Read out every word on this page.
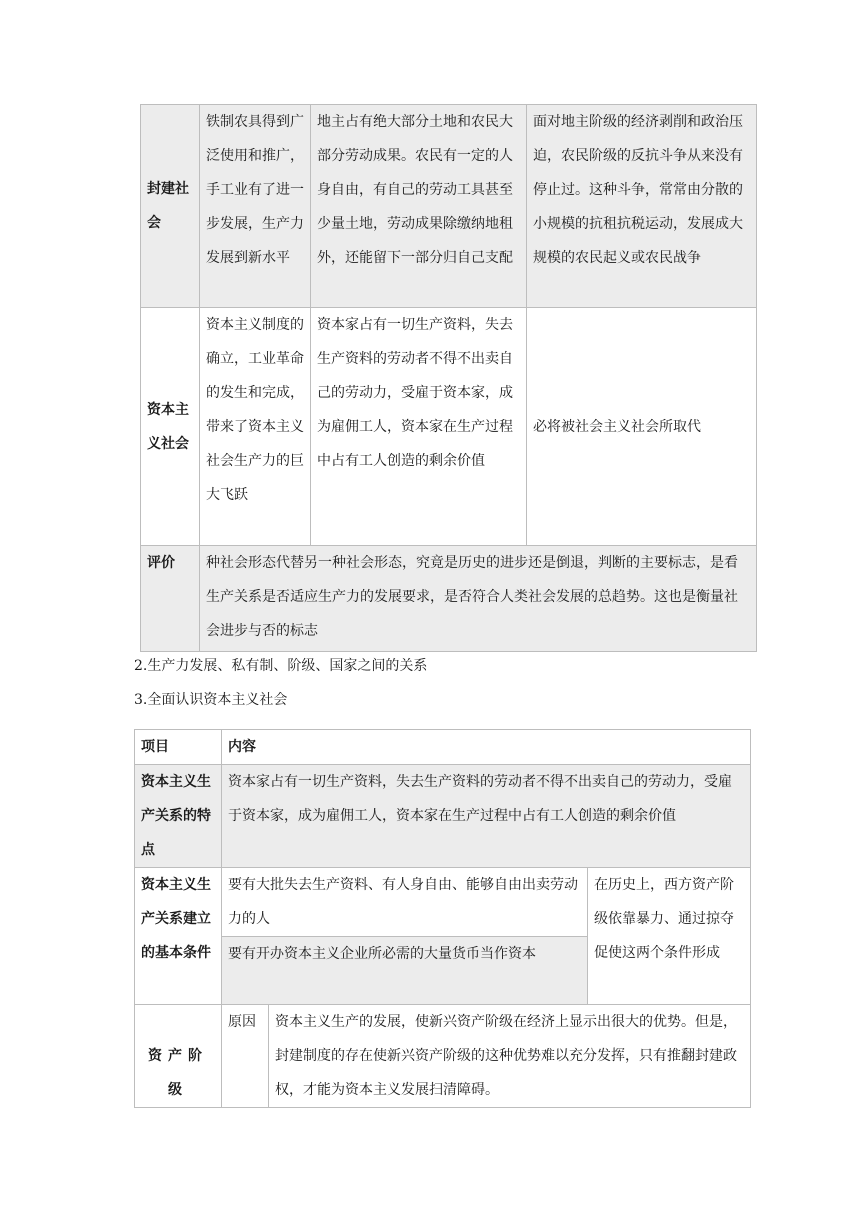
封建社会	铁制农具得到广泛使用和推广，手工业有了进一步发展，生产力发展到新水平	地主占有绝大部分土地和农民大部分劳动成果。农民有一定的人身自由，有自己的劳动工具甚至少量土地，劳动成果除缴纳地租外，还能留下一部分归自己支配	面对地主阶级的经济剥削和政治压迫，农民阶级的反抗斗争从来没有停止过。这种斗争，常常由分散的小规模的抗租抗税运动，发展成大规模的农民起义或农民战争
资本主义社会	资本主义制度的确立，工业革命的发生和完成，带来了资本主义社会生产力的巨大飞跃	资本家占有一切生产资料，失去生产资料的劳动者不得不出卖自己的劳动力，受雇于资本家，成为雇佣工人，资本家在生产过程中占有工人创造的剩余价值	必将被社会主义社会所取代
评价	种社会形态代替另一种社会形态，究竟是历史的进步还是倒退，判断的主要标志，是看生产关系是否适应生产力的发展要求，是否符合人类社会发展的总趋势。这也是衡量社会进步与否的标志		
2.生产力发展、私有制、阶级、国家之间的关系
3.全面认识资本主义社会
项目	内容		
资本主义生产关系的特点	资本家占有一切生产资料，失去生产资料的劳动者不得不出卖自己的劳动力，受雇于资本家，成为雇佣工人，资本家在生产过程中占有工人创造的剩余价值		
资本主义生产关系建立的基本条件	要有大批失去生产资料、有人身自由、能够自由出卖劳动力的人		在历史上，西方资产阶级依靠暴力、通过掠夺促使这两个条件形成
	要有开办资本主义企业所必需的大量货币当作资本		
资产阶级	原因	资本主义生产的发展，使新兴资产阶级在经济上显示出很大的优势。但是，封建制度的存在使新兴资产阶级的这种优势难以充分发挥，只有推翻封建政权，才能为资本主义发展扫清障碍。	
